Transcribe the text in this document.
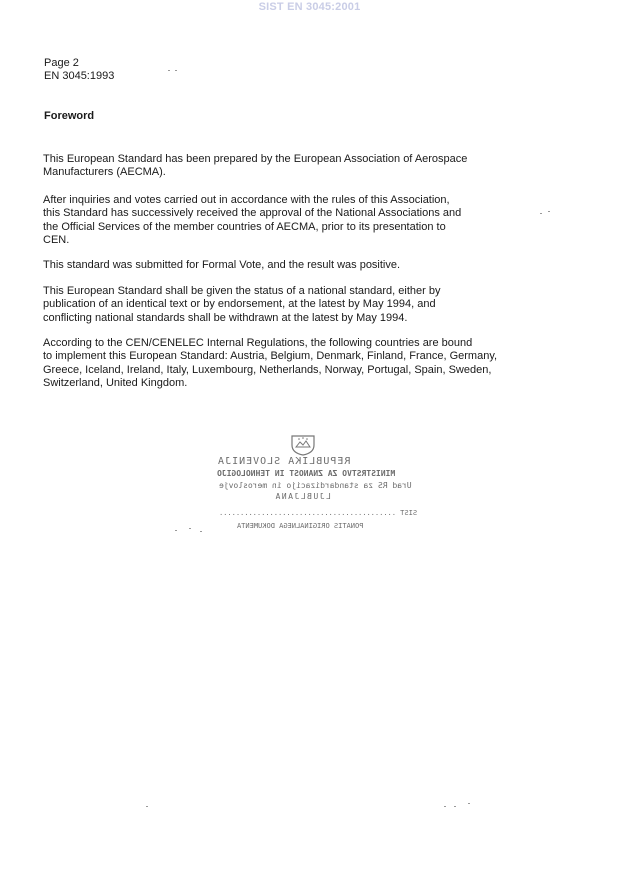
SIST EN 3045:2001
Page 2
EN 3045:1993
Foreword

This European Standard has been prepared by the European Association of Aerospace
Manufacturers (AECMA).

After inquiries and votes carried out in accordance with the rules of this Association,
this Standard has successively received the approval of the National Associations and
the Official Services of the member countries of AECMA, prior to its presentation to
CEN.

This standard was submitted for Formal Vote, and the result was positive.

This European Standard shall be given the status of a national standard, either by
publication of an identical text or by endorsement, at the latest by May 1994, and
conflicting national standards shall be withdrawn at the latest by May 1994.

According to the CEN/CENELEC Internal Regulations, the following countries are bound
to implement this European Standard: Austria, Belgium, Denmark, Finland, France, Germany,
Greece, Iceland, Ireland, Italy, Luxembourg, Netherlands, Norway, Portugal, Spain, Sweden,
Switzerland, United Kingdom.

REPUBLIKA SLOVENIJA
MINISTRSTVO ZA ZNANOST IN TEHNOLOGIJO
Urad RS za standardizacijo in meroslovje
LJUBLJANA
SIST ..........................................
PONATIS ORIGINALNEGA DOKUMENTA
